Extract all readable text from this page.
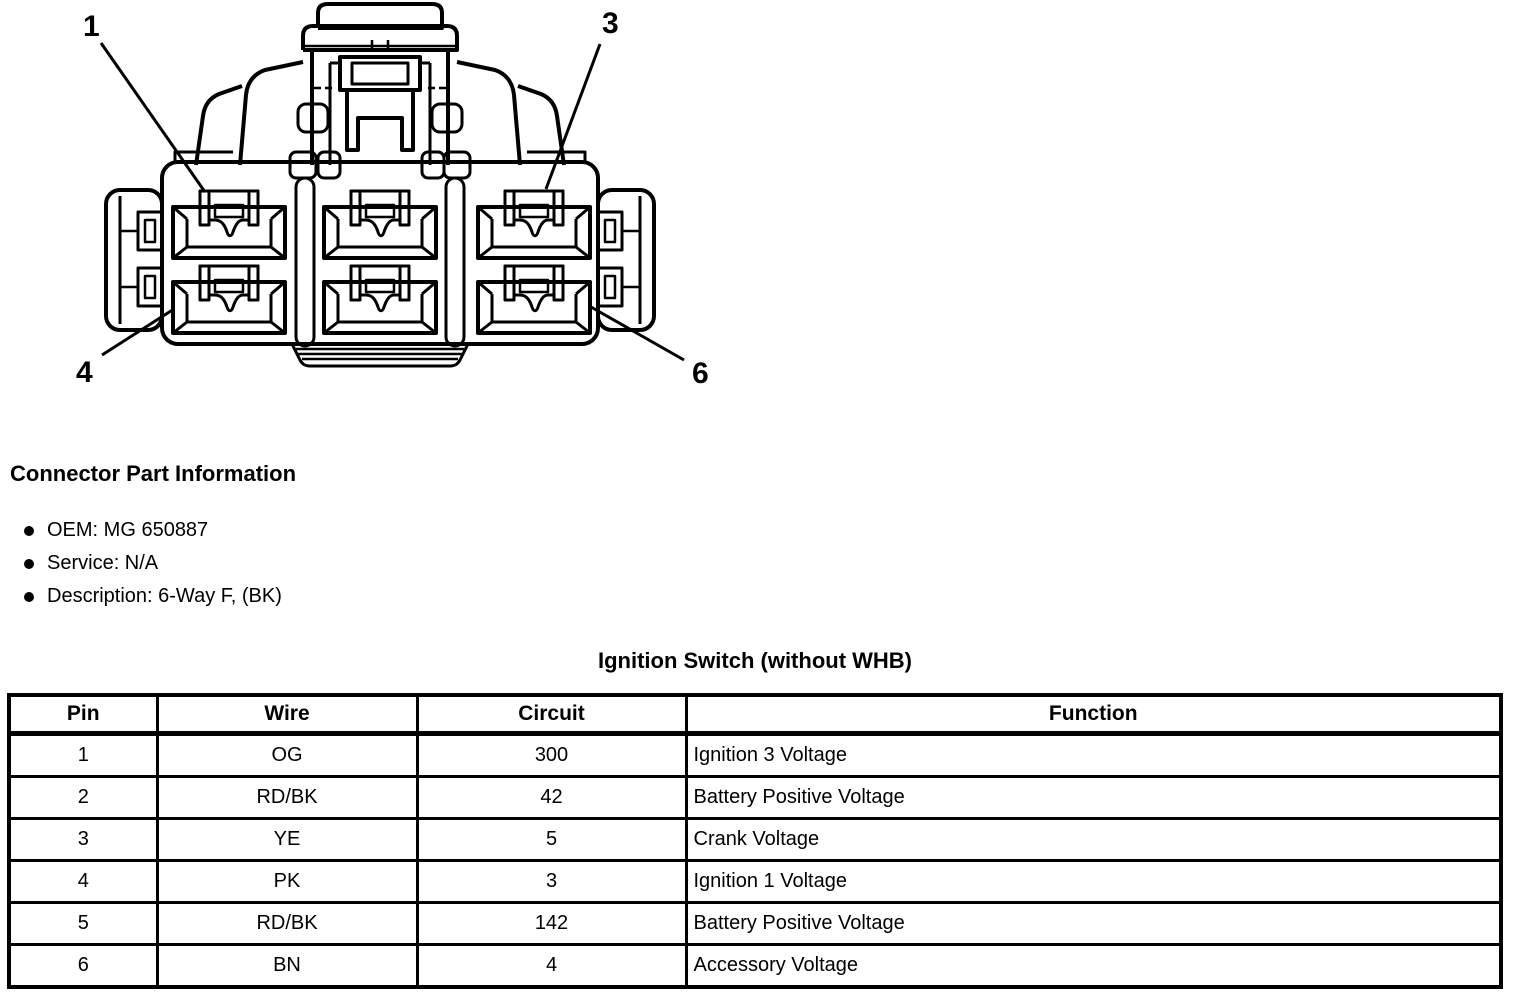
1	3
4	6
Connector Part Information
OEM: MG 650887
Service: N/A
Description: 6-Way F, (BK)
Ignition Switch (without WHB)
Pin	Wire	Circuit	Function
1	OG	300	Ignition 3 Voltage
2	RD/BK	42	Battery Positive Voltage
3	YE	5	Crank Voltage
4	PK	3	Ignition 1 Voltage
5	RD/BK	142	Battery Positive Voltage
6	BN	4	Accessory Voltage
